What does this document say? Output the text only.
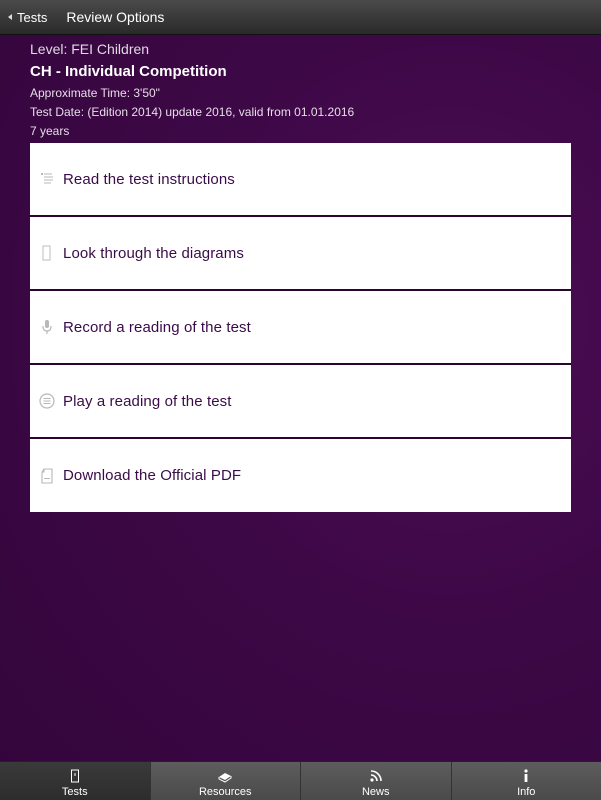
Tests Review Options
Level: FEI Children
CH - Individual Competition
Approximate Time: 3'50"
Test Date: (Edition 2014) update 2016, valid from 01.01.2016
7 years
Read the test instructions
Look through the diagrams
Record a reading of the test
Play a reading of the test
Download the Official PDF
Tests	Resources	News	Info
